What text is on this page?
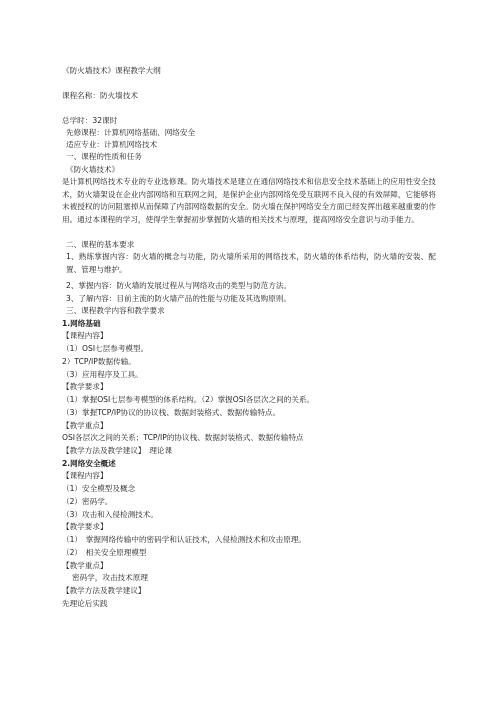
《防火墙技术》课程教学大纲
课程名称：防火墙技术
总学时：32课时
先修课程：计算机网络基础、网络安全
适应专业：计算机网络技术
一、课程的性质和任务
《防火墙技术》
是计算机网络技术专业的专业选修课。防火墙技术是建立在通信网络技术和信息安全技术基础上的应用性安全技术，防火墙架设在企业内部网络和互联网之间，是保护企业内部网络免受互联网不良入侵的有效屏障，它能够将未被授权的访问阻塞掉从而保障了内部网络数据的安全。防火墙在保护网络安全方面已经发挥出越来越重要的作用。通过本课程的学习，使得学生掌握初步掌握防火墙的相关技术与原理，提高网络安全意识与动手能力。
二、课程的基本要求
1、熟练掌握内容：防火墙的概念与功能，防火墙所采用的网络技术，防火墙的体系结构，防火墙的安装、配置、管理与维护。
2、掌握内容：防火墙的发展过程从与网络攻击的类型与防范方法。
3、了解内容：目前主流的防火墙产品的性能与功能及其选购原则。
三、课程教学内容和教学要求
1.网络基础
【课程内容】
（1）OSI七层参考模型。
2）TCP/IP数据传输。
（3）应用程序及工具。
【教学要求】
（1）掌握OSI七层参考模型的体系结构。（2）掌握OSI各层次之间的关系。
（3）掌握TCP/IP协议的协议栈、数据封装格式、数据传输特点。
【教学重点】
OSI各层次之间的关系；TCP/IP的协议栈、数据封装格式、数据传输特点
【教学方法及教学建议】　理论课
2.网络安全概述
【课程内容】
（1）安全模型及概念
（2）密码学。
（3）攻击和入侵检测技术。
【教学要求】
（1）　掌握网络传输中的密码学和认证技术，入侵检测技术和攻击原理。
（2）　相关安全原理模型
【教学重点】
密码学，攻击技术原理
【教学方法及教学建议】
先理论后实践
